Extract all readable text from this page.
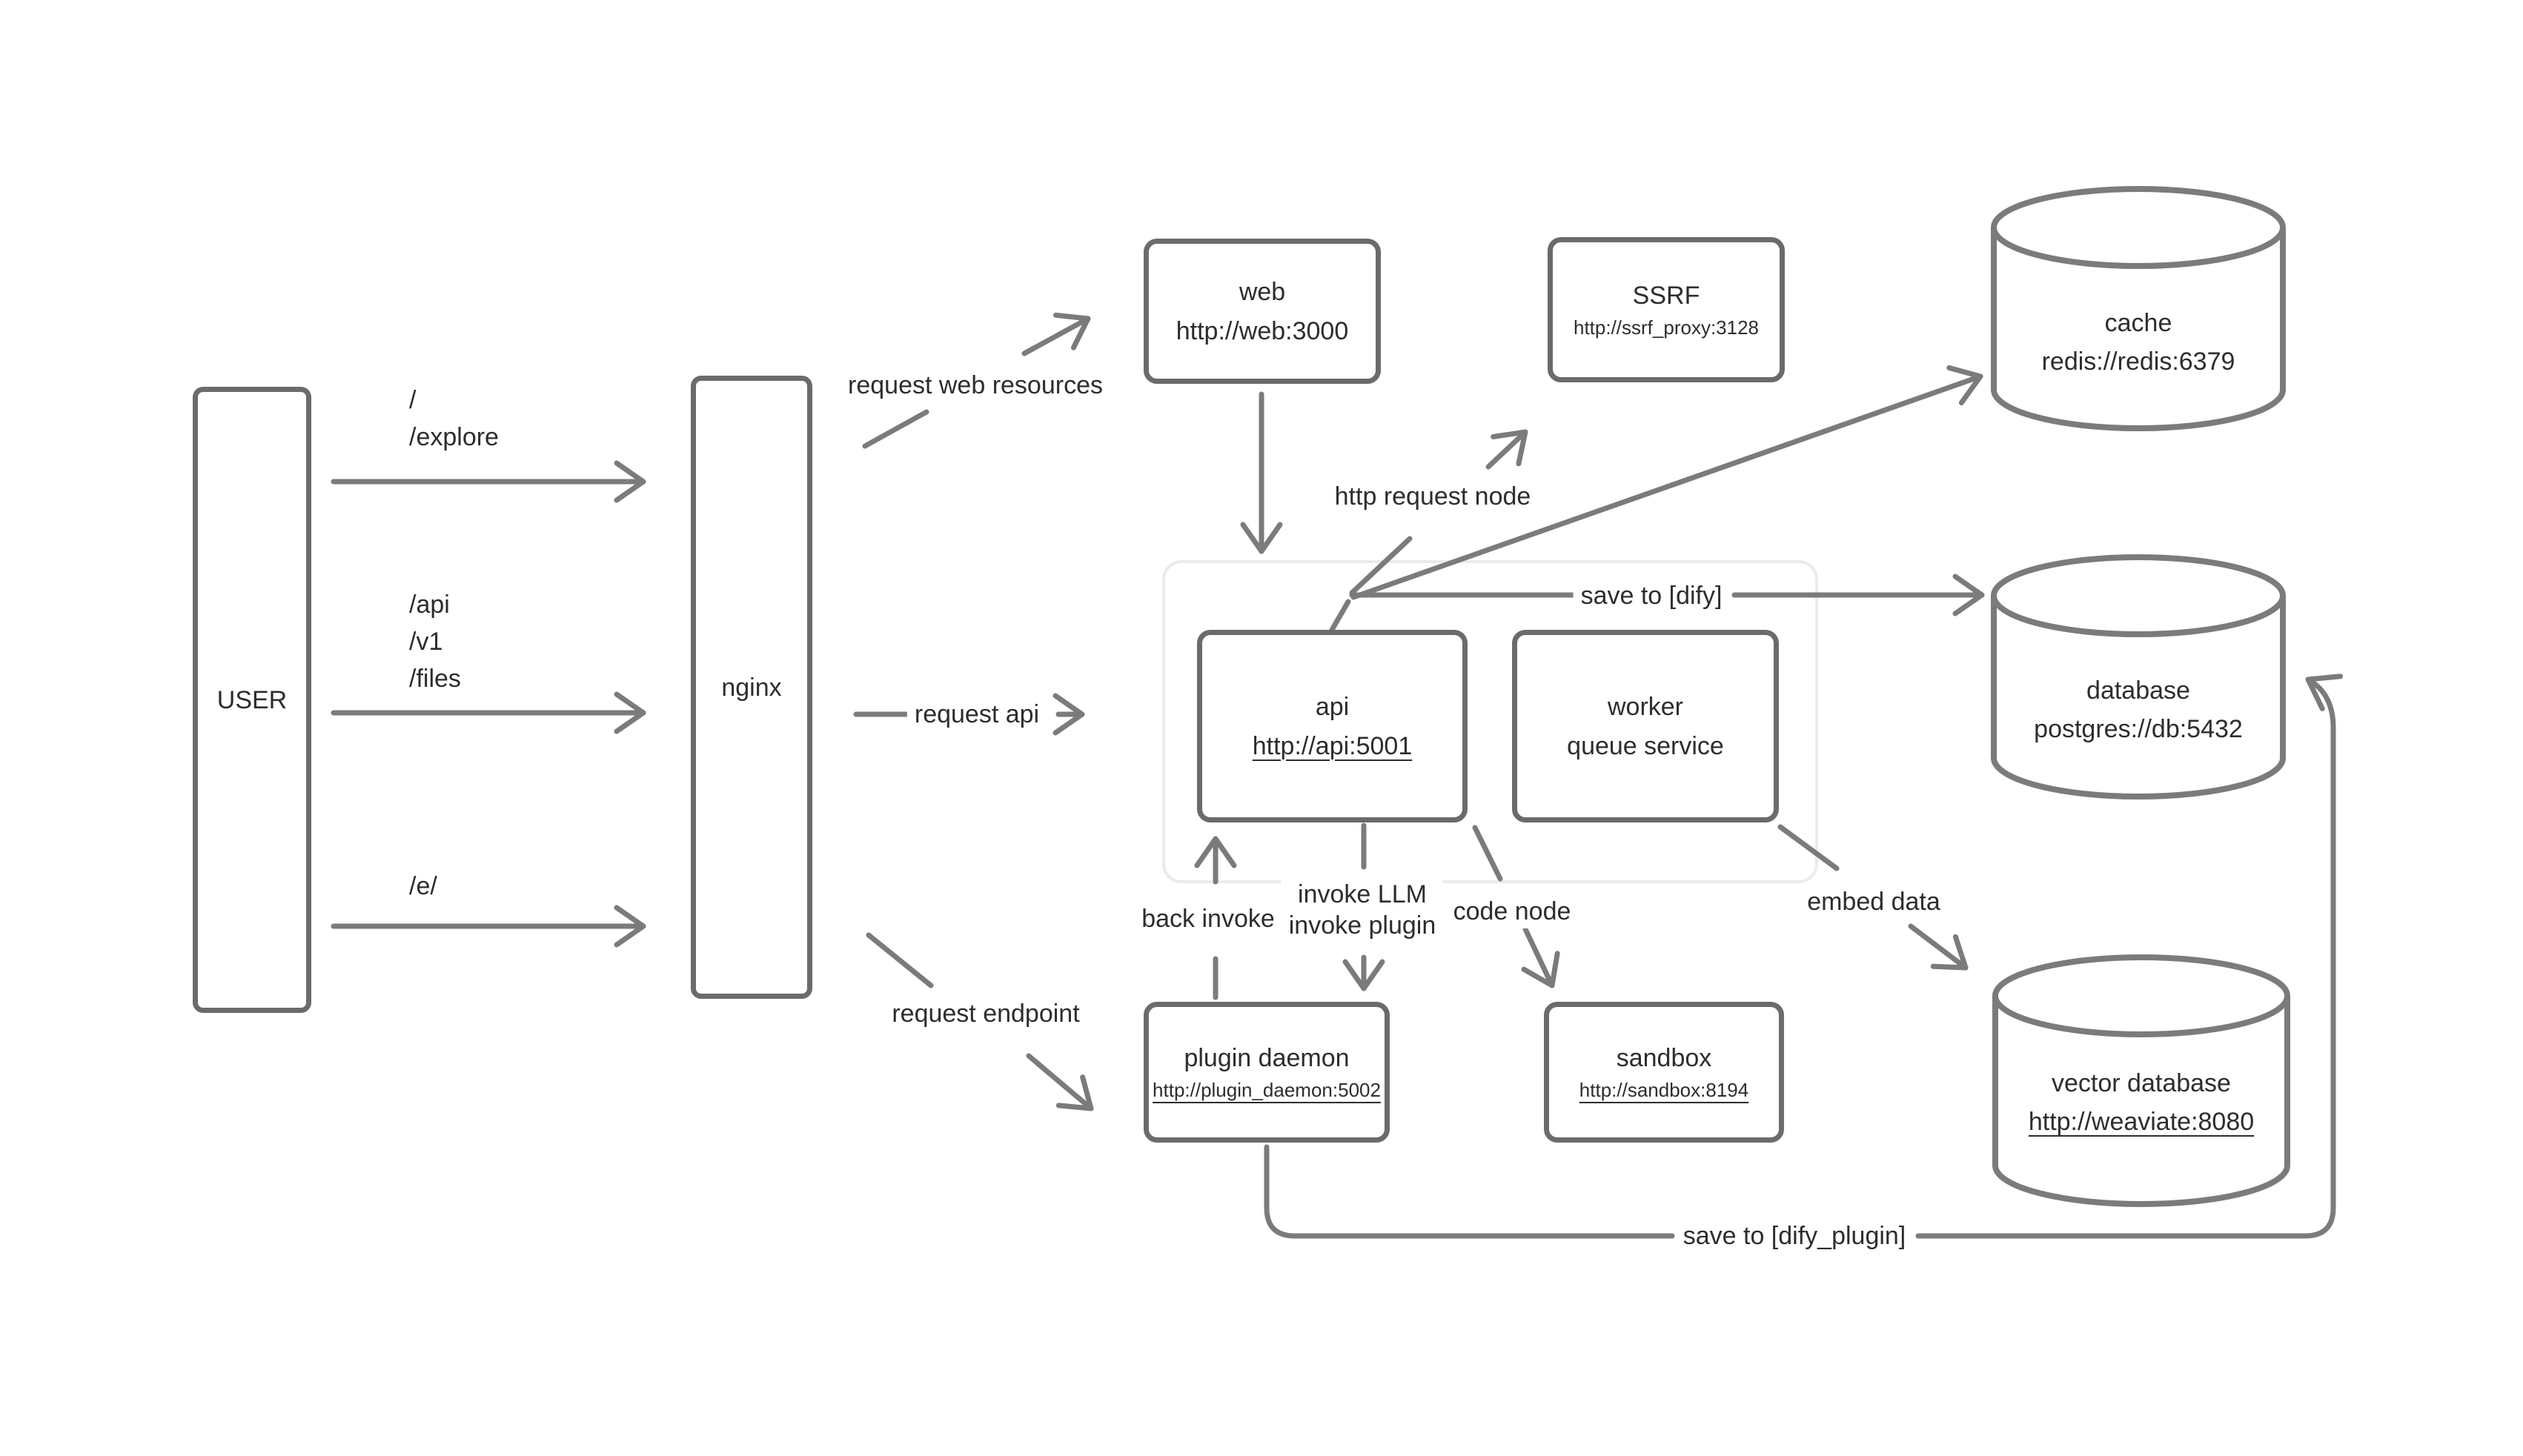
USER	nginx
web
http://web:3000
SSRF
http://ssrf_proxy:3128
api
http://api:5001
worker
queue service
plugin daemon
http://plugin_daemon:5002
sandbox
http://sandbox:8194
cache
redis://redis:6379
database
postgres://db:5432
vector database
http://weaviate:8080
/
/explore
/api
/v1
/files
/e/
request web resources
request api
request endpoint
http request node
save to [dify]
back invoke
invoke LLM
invoke plugin code node	embed data
save to [dify_plugin]
